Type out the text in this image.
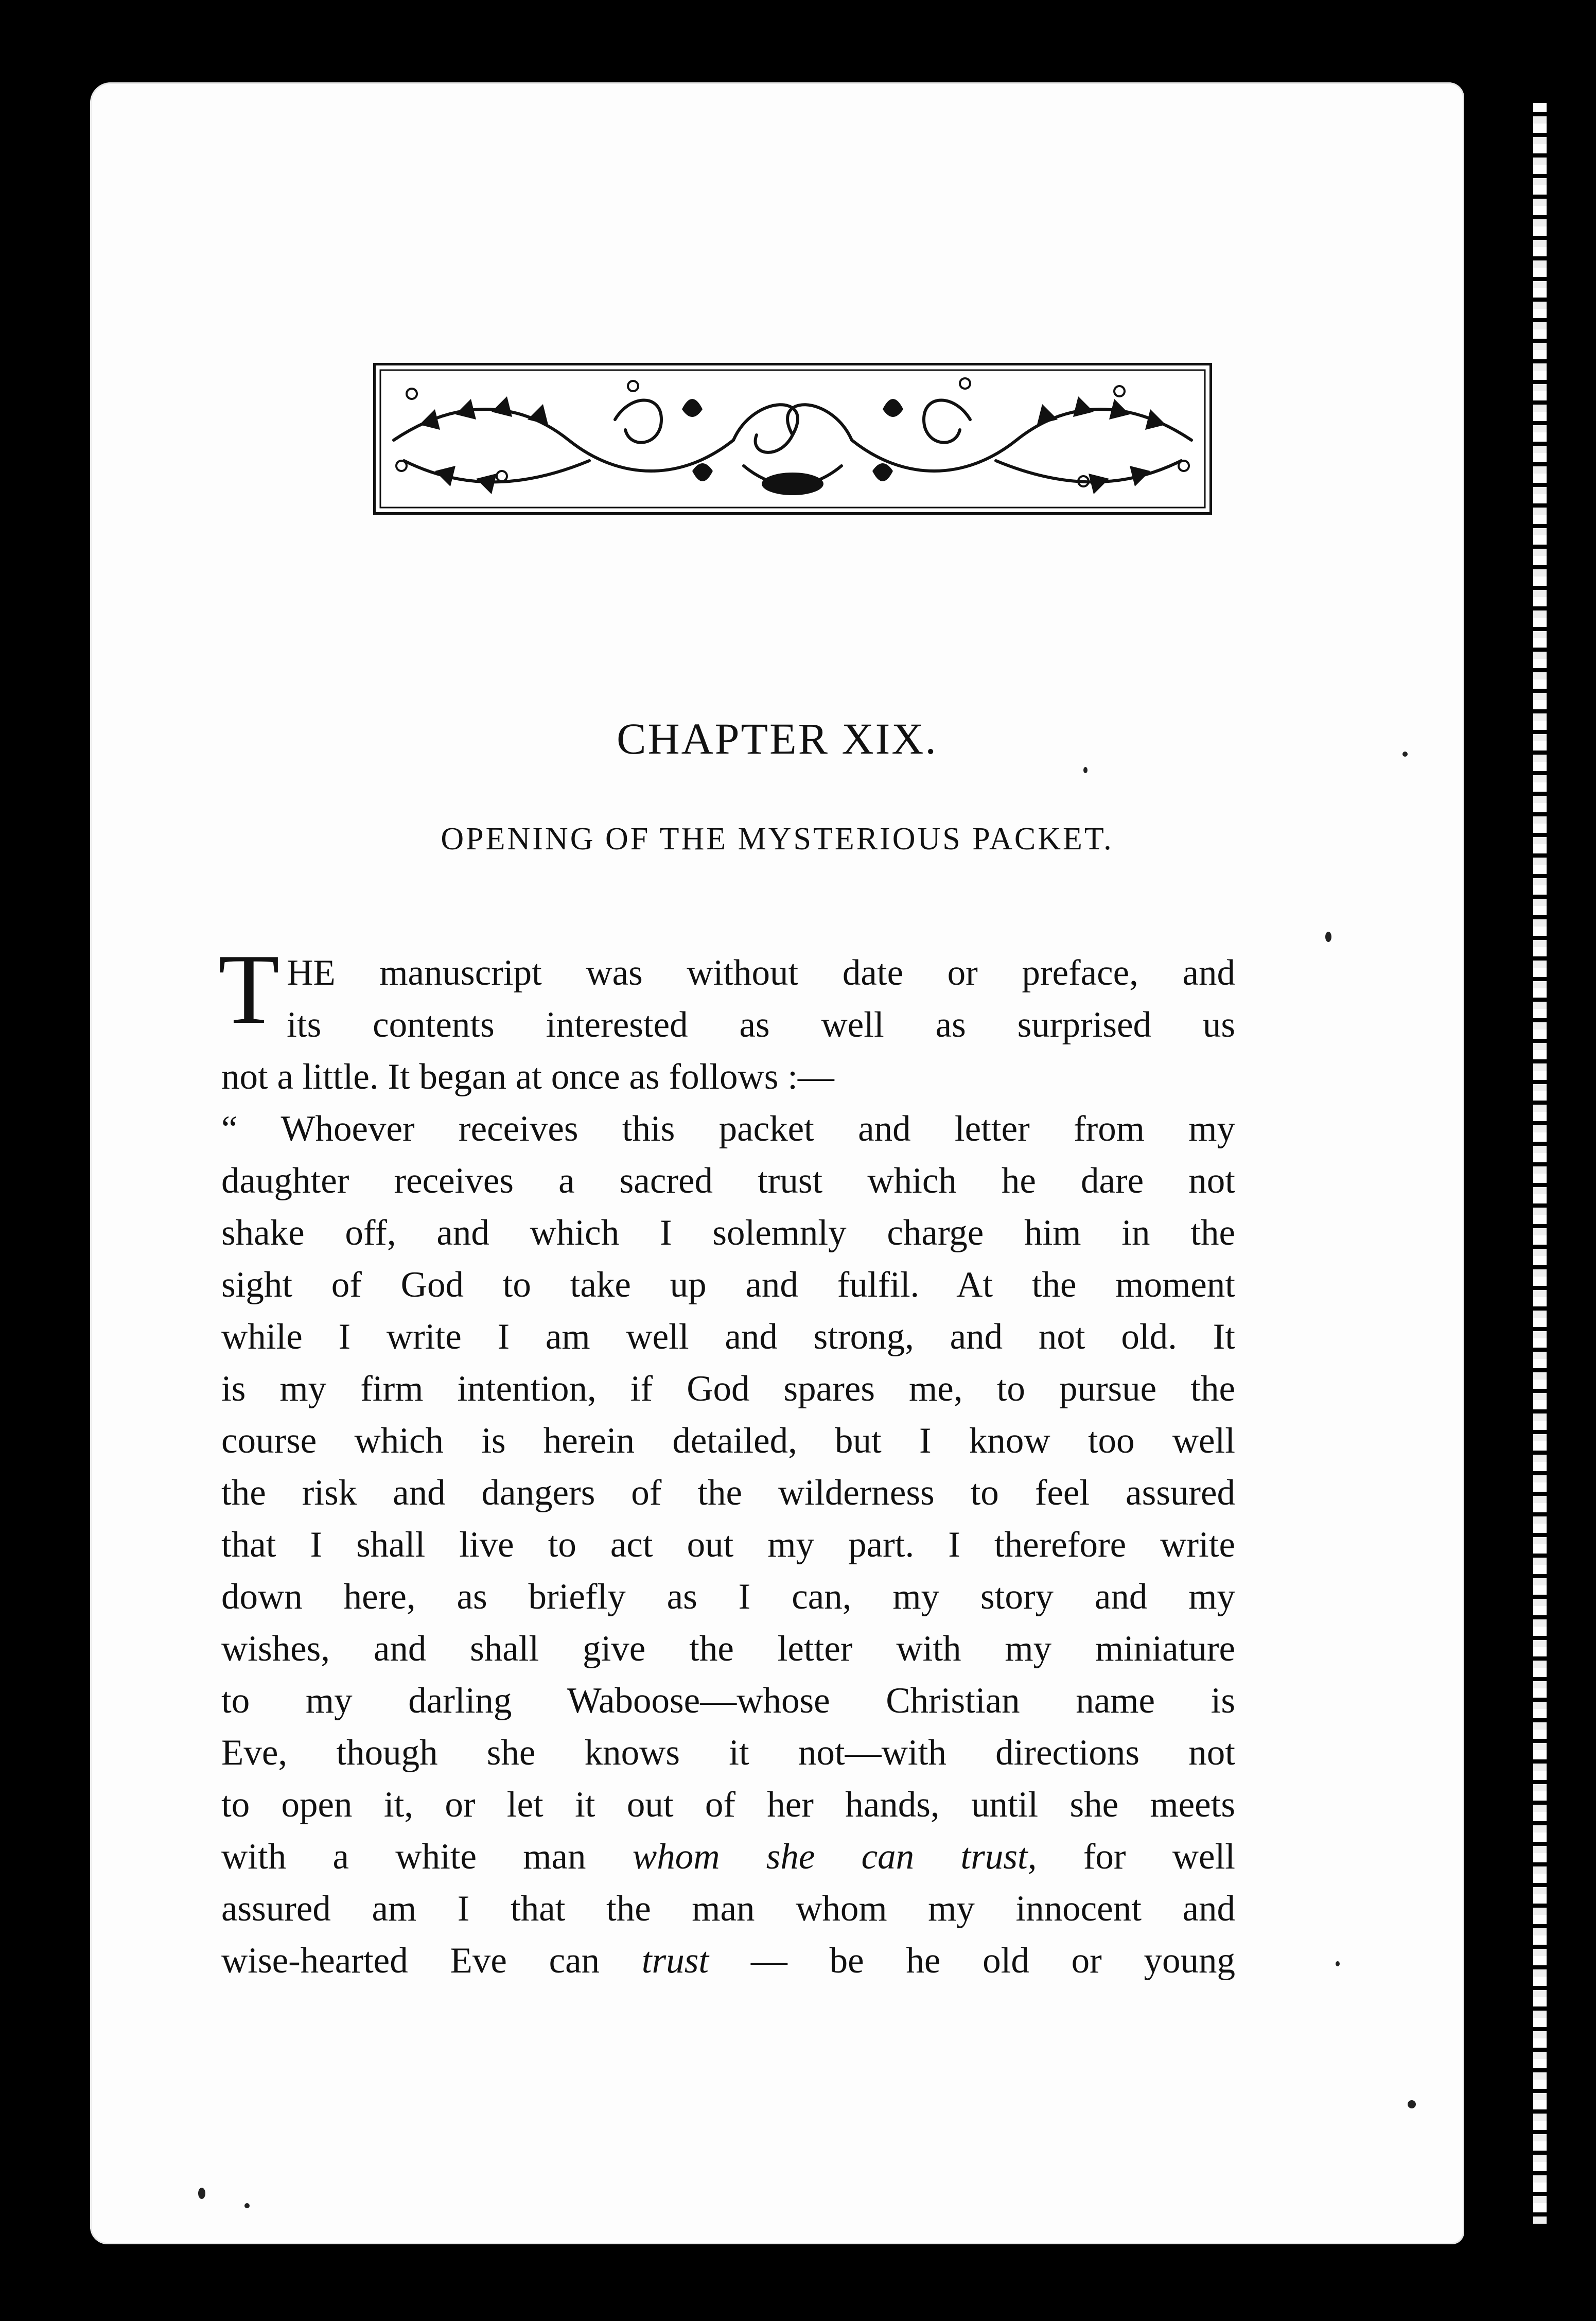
CHAPTER XIX.
OPENING OF THE MYSTERIOUS PACKET.
T HE manuscript was without date or preface, and
its contents interested as well as surprised us
not a little. It began at once as follows :—
“ Whoever receives this packet and letter from my
daughter receives a sacred trust which he dare not
shake off, and which I solemnly charge him in the
sight of God to take up and fulfil. At the moment
while I write I am well and strong, and not old. It
is my firm intention, if God spares me, to pursue the
course which is herein detailed, but I know too well
the risk and dangers of the wilderness to feel assured
that I shall live to act out my part. I therefore write
down here, as briefly as I can, my story and my
wishes, and shall give the letter with my miniature
to my darling Waboose—whose Christian name is
Eve, though she knows it not—with directions not
to open it, or let it out of her hands, until she meets
with a white man whom she can trust, for well
assured am I that the man whom my innocent and
wise-hearted Eve can trust — be he old or young
